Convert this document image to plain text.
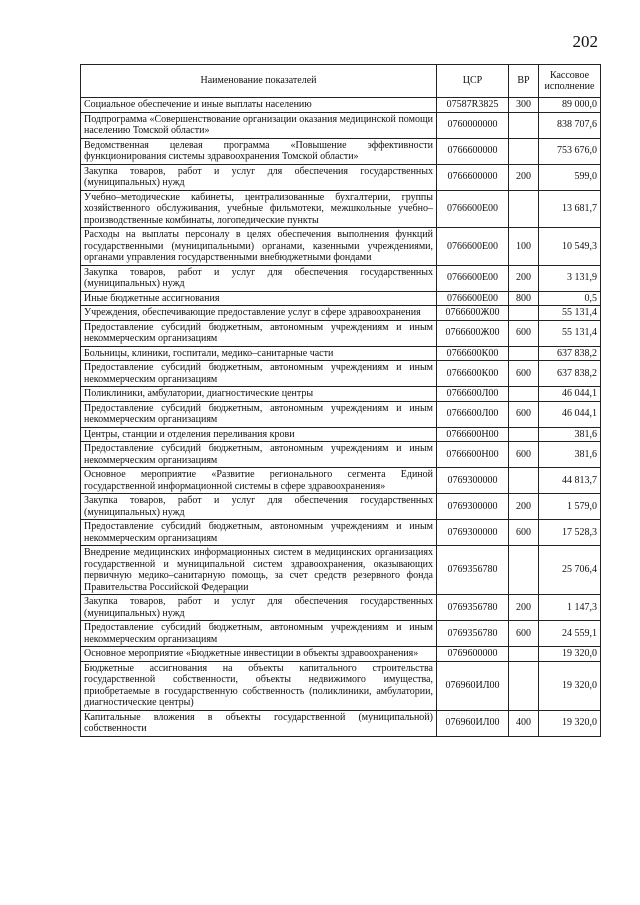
202
Наименование показателей	ЦСР	ВР	Кассовое исполнение
Социальное обеспечение и иные выплаты населению	07587R3825	300	89 000,0
Подпрограмма «Совершенствование организации оказания медицинской помощи населению Томской области»	0760000000		838 707,6
Ведомственная целевая программа «Повышение эффективности функционирования системы здравоохранения Томской области»	0766600000		753 676,0
Закупка товаров, работ и услуг для обеспечения государственных (муниципальных) нужд	0766600000	200	599,0
Учебно–методические кабинеты, централизованные бухгалтерии, группы хозяйственного обслуживания, учебные фильмотеки, межшкольные учебно–производственные комбинаты, логопедические пункты	0766600Е00		13 681,7
Расходы на выплаты персоналу в целях обеспечения выполнения функций государственными (муниципальными) органами, казенными учреждениями, органами управления государственными внебюджетными фондами	0766600Е00	100	10 549,3
Закупка товаров, работ и услуг для обеспечения государственных (муниципальных) нужд	0766600Е00	200	3 131,9
Иные бюджетные ассигнования	0766600Е00	800	0,5
Учреждения, обеспечивающие предоставление услуг в сфере здравоохранения	0766600Ж00		55 131,4
Предоставление субсидий бюджетным, автономным учреждениям и иным некоммерческим организациям	0766600Ж00	600	55 131,4
Больницы, клиники, госпитали, медико–санитарные части	0766600К00		637 838,2
Предоставление субсидий бюджетным, автономным учреждениям и иным некоммерческим организациям	0766600К00	600	637 838,2
Поликлиники, амбулатории, диагностические центры	0766600Л00		46 044,1
Предоставление субсидий бюджетным, автономным учреждениям и иным некоммерческим организациям	0766600Л00	600	46 044,1
Центры, станции и отделения переливания крови	0766600Н00		381,6
Предоставление субсидий бюджетным, автономным учреждениям и иным некоммерческим организациям	0766600Н00	600	381,6
Основное мероприятие «Развитие регионального сегмента Единой государственной информационной системы в сфере здравоохранения»	0769300000		44 813,7
Закупка товаров, работ и услуг для обеспечения государственных (муниципальных) нужд	0769300000	200	1 579,0
Предоставление субсидий бюджетным, автономным учреждениям и иным некоммерческим организациям	0769300000	600	17 528,3
Внедрение медицинских информационных систем в медицинских организациях государственной и муниципальной систем здравоохранения, оказывающих первичную медико–санитарную помощь, за счет средств резервного фонда Правительства Российской Федерации	0769356780		25 706,4
Закупка товаров, работ и услуг для обеспечения государственных (муниципальных) нужд	0769356780	200	1 147,3
Предоставление субсидий бюджетным, автономным учреждениям и иным некоммерческим организациям	0769356780	600	24 559,1
Основное мероприятие «Бюджетные инвестиции в объекты здравоохранения»	0769600000		19 320,0
Бюджетные ассигнования на объекты капитального строительства государственной собственности, объекты недвижимого имущества, приобретаемые в государственную собственность (поликлиники, амбулатории, диагностические центры)	076960ИЛ00		19 320,0
Капитальные вложения в объекты государственной (муниципальной) собственности	076960ИЛ00	400	19 320,0
